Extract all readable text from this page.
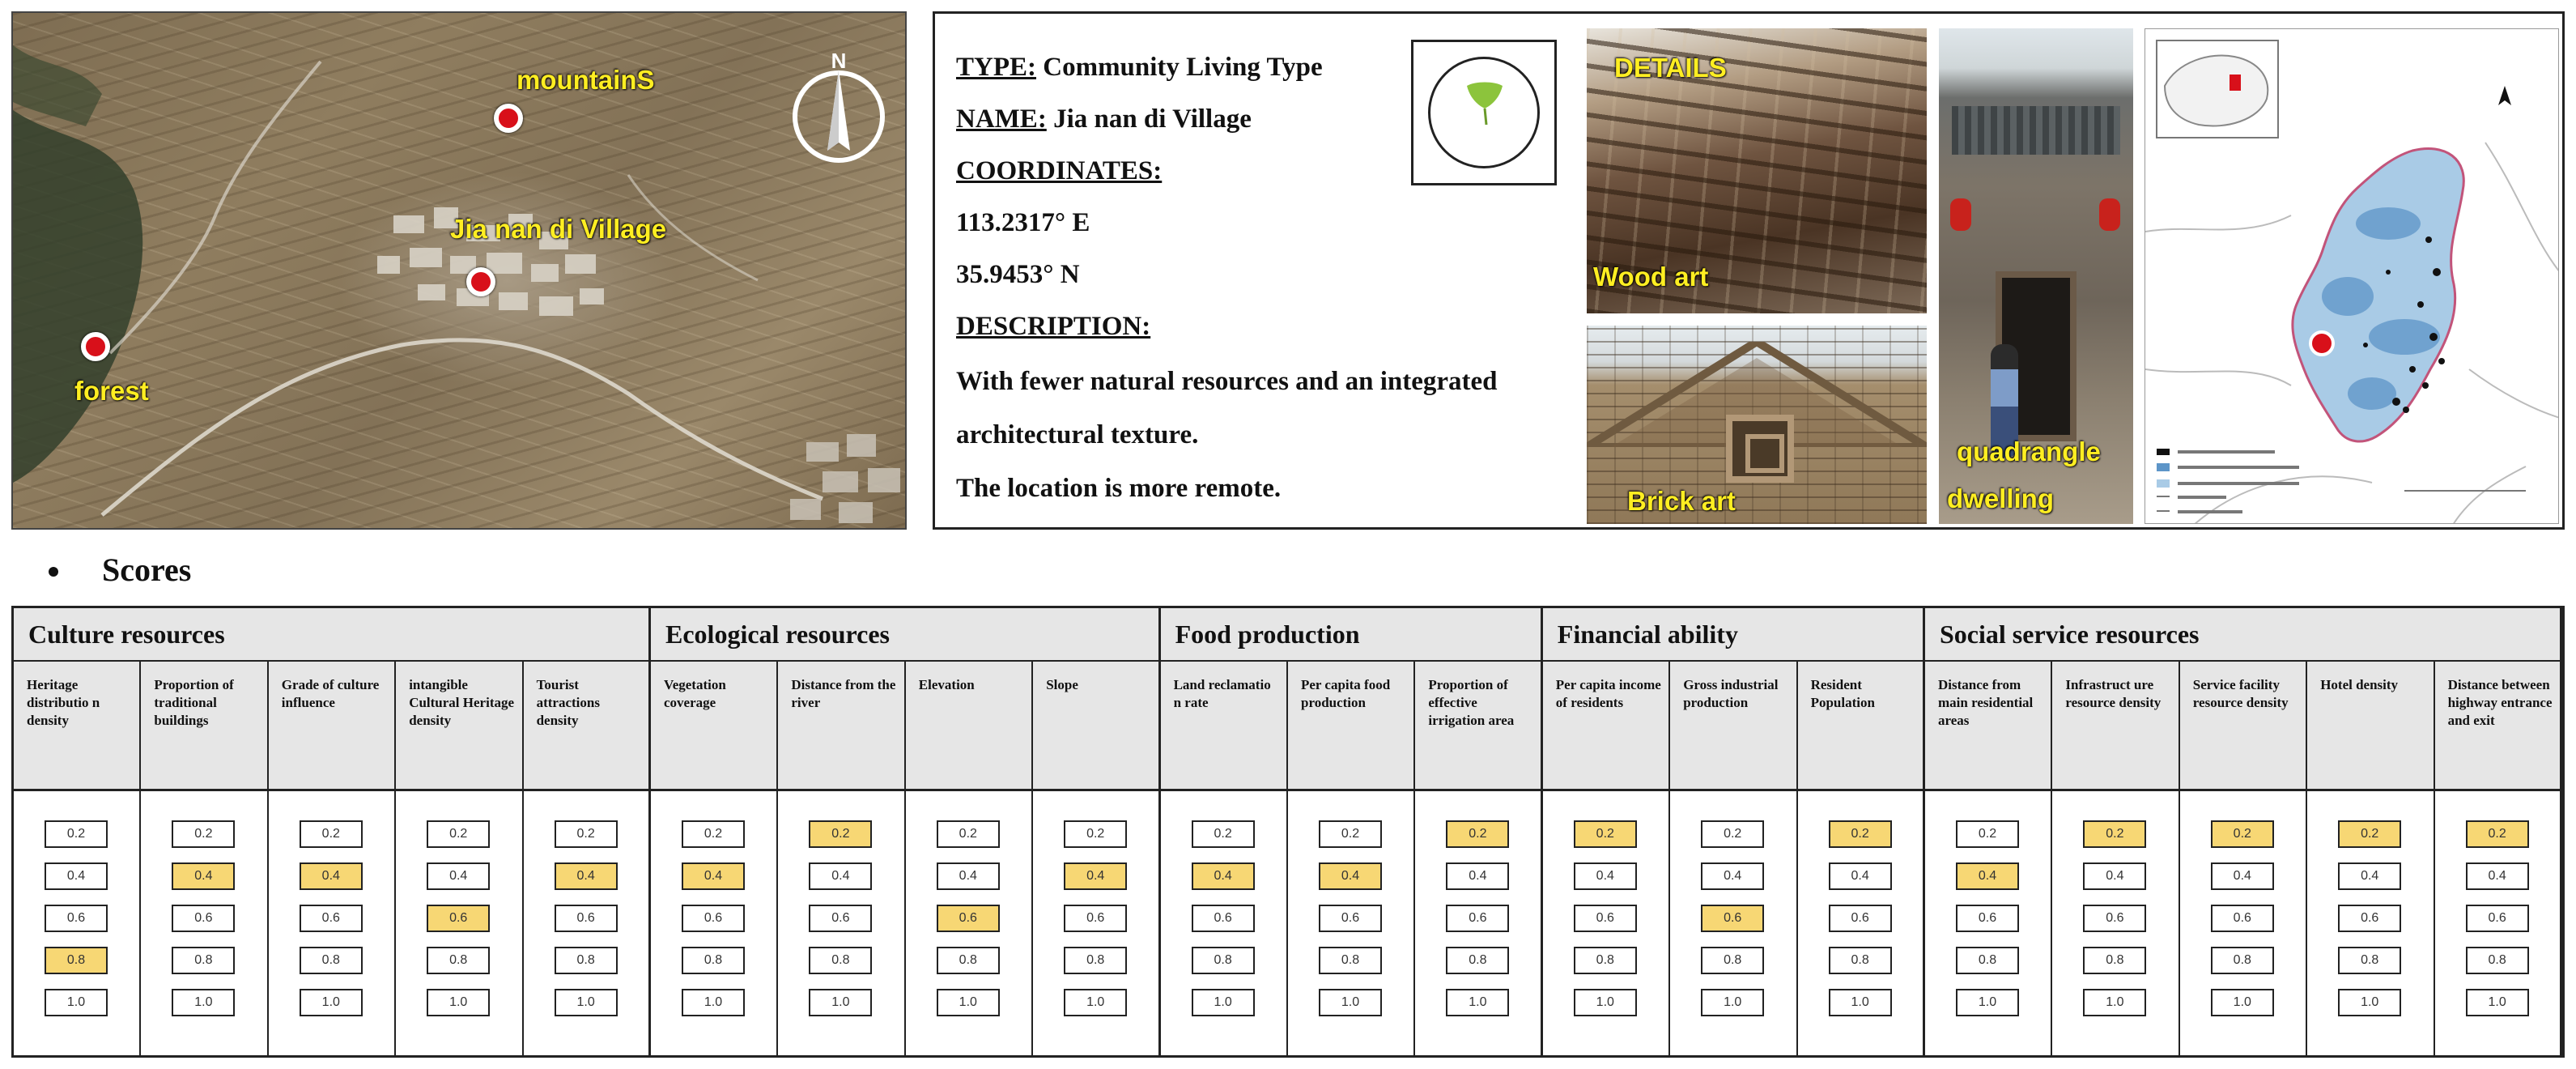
mountainS
Jia nan di Village
forest
N	TYPE: Community Living Type
NAME: Jia nan di Village
COORDINATES:
113.2317° E
35.9453° N
DESCRIPTION:
With fewer natural resources and an integrated
architectural texture.
The location is more remote.
DETAILS
Wood art
Brick art
quadrangle
dwelling
Scores
Culture resources
Heritage distributio n density
0.2
0.4
0.6
0.8
1.0
Proportion of traditional buildings
0.2
0.4
0.6
0.8
1.0
Grade of culture influence
0.2
0.4
0.6
0.8
1.0
intangible Cultural Heritage density
0.2
0.4
0.6
0.8
1.0
Tourist attractions density
0.2
0.4
0.6
0.8
1.0
Ecological resources
Vegetation coverage
0.2
0.4
0.6
0.8
1.0
Distance from the river
0.2
0.4
0.6
0.8
1.0
Elevation
0.2
0.4
0.6
0.8
1.0
Slope
0.2
0.4
0.6
0.8
1.0
Food production
Land reclamatio n rate
0.2
0.4
0.6
0.8
1.0
Per capita food production
0.2
0.4
0.6
0.8
1.0
Proportion of effective irrigation area
0.2
0.4
0.6
0.8
1.0
Financial ability
Per capita income of residents
0.2
0.4
0.6
0.8
1.0
Gross industrial production
0.2
0.4
0.6
0.8
1.0
Resident Population
0.2
0.4
0.6
0.8
1.0
Social service resources
Distance from main residential areas
0.2
0.4
0.6
0.8
1.0
Infrastruct ure resource density
0.2
0.4
0.6
0.8
1.0
Service facility resource density
0.2
0.4
0.6
0.8
1.0
Hotel density
0.2
0.4
0.6
0.8
1.0
Distance between highway entrance and exit
0.2
0.4
0.6
0.8
1.0
